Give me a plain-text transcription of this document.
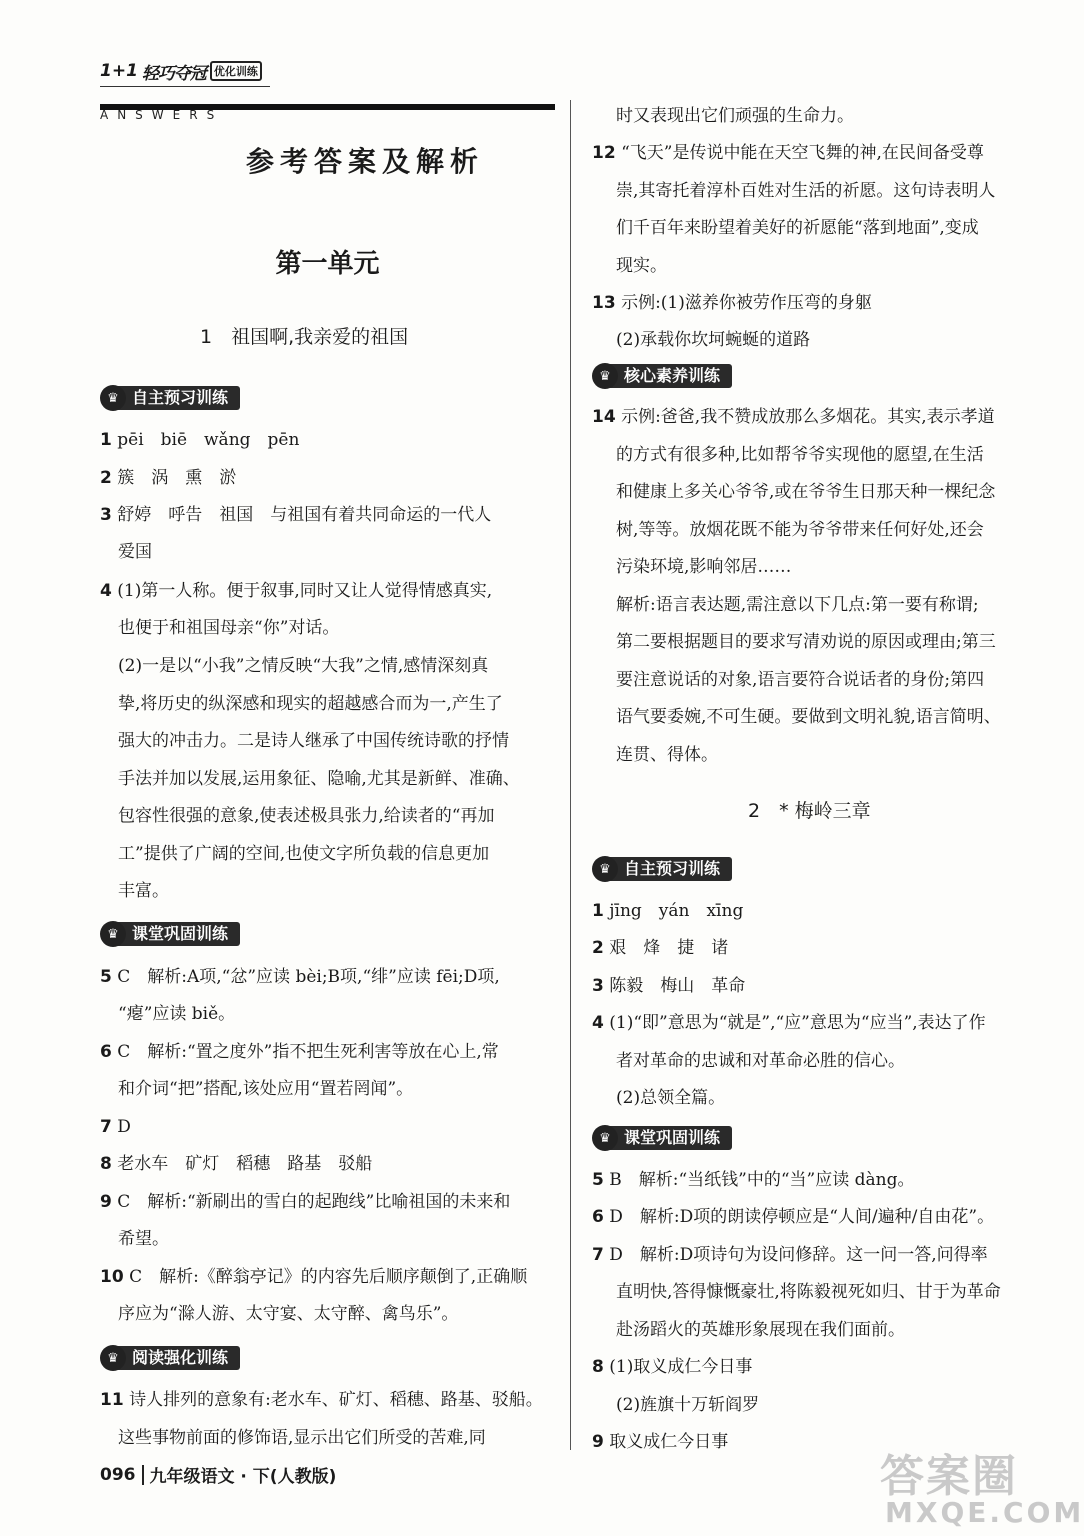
1+1 轻巧夺冠 优化训练
ANSWERS
参考答案及解析
第一单元
1　祖国啊,我亲爱的祖国
♛ 自主预习训练
1 pēi　biē　wǎng　pēn
2 簇　涡　熏　淤
3 舒婷　呼告　祖国　与祖国有着共同命运的一代人
爱国
4 (1)第一人称。便于叙事,同时又让人觉得情感真实,
也便于和祖国母亲“你”对话。
(2)一是以“小我”之情反映“大我”之情,感情深刻真
挚,将历史的纵深感和现实的超越感合而为一,产生了
强大的冲击力。二是诗人继承了中国传统诗歌的抒情
手法并加以发展,运用象征、隐喻,尤其是新鲜、准确、
包容性很强的意象,使表述极具张力,给读者的“再加
工”提供了广阔的空间,也使文字所负载的信息更加
丰富。
♛ 课堂巩固训练
5 C　解析:A项,“忿”应读 bèi;B项,“绯”应读 fēi;D项,
“瘪”应读 biě。
6 C　解析:“置之度外”指不把生死利害等放在心上,常
和介词“把”搭配,该处应用“置若罔闻”。
7 D
8 老水车　矿灯　稻穗　路基　驳船
9 C　解析:“新刷出的雪白的起跑线”比喻祖国的未来和
希望。
10 C　解析:《醉翁亭记》的内容先后顺序颠倒了,正确顺
序应为“滁人游、太守宴、太守醉、禽鸟乐”。
♛ 阅读强化训练
11 诗人排列的意象有:老水车、矿灯、稻穗、路基、驳船。
这些事物前面的修饰语,显示出它们所受的苦难,同
时又表现出它们顽强的生命力。
12 “飞天”是传说中能在天空飞舞的神,在民间备受尊
崇,其寄托着淳朴百姓对生活的祈愿。这句诗表明人
们千百年来盼望着美好的祈愿能“落到地面”,变成
现实。
13 示例:(1)滋养你被劳作压弯的身躯
(2)承载你坎坷蜿蜒的道路
♛ 核心素养训练
14 示例:爸爸,我不赞成放那么多烟花。其实,表示孝道
的方式有很多种,比如帮爷爷实现他的愿望,在生活
和健康上多关心爷爷,或在爷爷生日那天种一棵纪念
树,等等。放烟花既不能为爷爷带来任何好处,还会
污染环境,影响邻居……
解析:语言表达题,需注意以下几点:第一要有称谓;
第二要根据题目的要求写清劝说的原因或理由;第三
要注意说话的对象,语言要符合说话者的身份;第四
语气要委婉,不可生硬。要做到文明礼貌,语言简明、
连贯、得体。
2　* 梅岭三章
♛ 自主预习训练
1 jīng　yán　xīng
2 艰　烽　捷　诸
3 陈毅　梅山　革命
4 (1)“即”意思为“就是”,“应”意思为“应当”,表达了作
者对革命的忠诚和对革命必胜的信心。
(2)总领全篇。
♛ 课堂巩固训练
5 B　解析:“当纸钱”中的“当”应读 dàng。
6 D　解析:D项的朗读停顿应是“人间/遍种/自由花”。
7 D　解析:D项诗句为设问修辞。这一问一答,问得率
直明快,答得慷慨豪壮,将陈毅视死如归、甘于为革命
赴汤蹈火的英雄形象展现在我们面前。
8 (1)取义成仁今日事
(2)旌旗十万斩阎罗
9 取义成仁今日事
096 九年级语文 · 下(人教版)	答案圈
MXQE.COM
